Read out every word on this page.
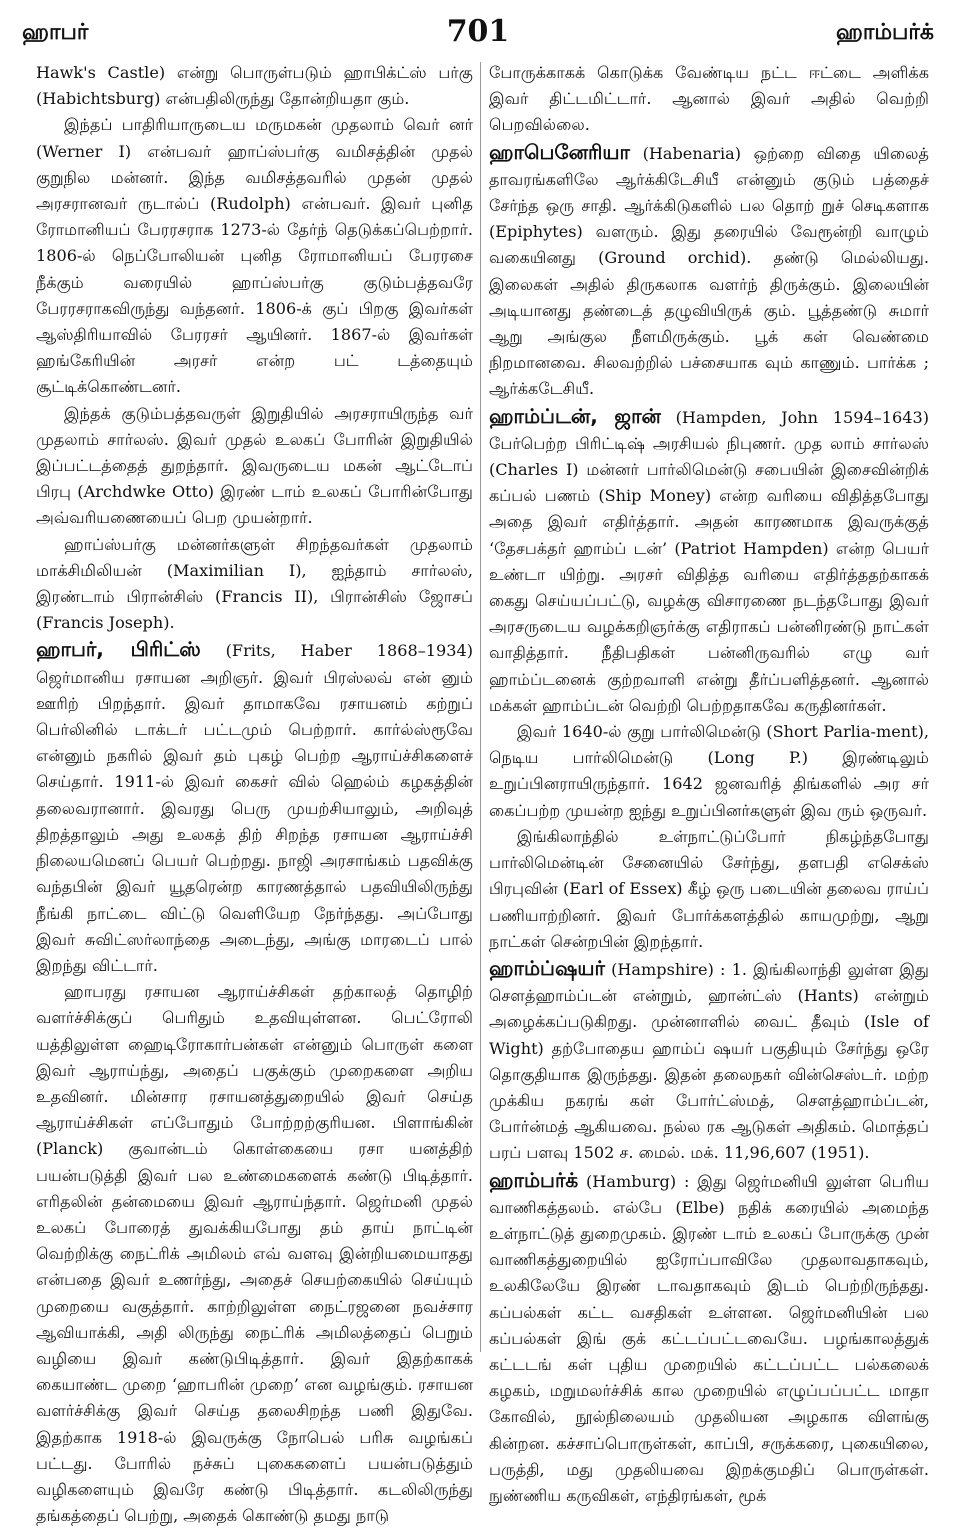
ஹாபர்	701	ஹாம்பர்க்

Hawk's Castle) என்று பொருள்படும் ஹாபிக்ட்ஸ் பர்கு (Habichtsburg) என்பதிலிருந்து தோன்றியதா கும்.

இந்தப் பாதிரியாருடைய மருமகன் முதலாம் வெர் னர் (Werner I) என்பவர் ஹாப்ஸ்பர்கு வமிசத்தின் முதல் குறுநில மன்னர். இந்த வமிசத்தவரில் முதன் முதல் அரசரானவர் ருடால்ப் (Rudolph) என்பவர். இவர் புனித ரோமானியப் பேரரசராக 1273-ல் தேர்ந் தெடுக்கப்பெற்றார். 1806-ல் நெப்போலியன் புனித ரோமானியப் பேரரசை நீக்கும் வரையில் ஹாப்ஸ்பர்கு குடும்பத்தவரே பேரரசராகவிருந்து வந்தனர். 1806-க் குப் பிறகு இவர்கள் ஆஸ்திரியாவில் பேரரசர் ஆயினர். 1867-ல் இவர்கள் ஹங்கேரியின் அரசர் என்ற பட் டத்தையும் சூட்டிக்கொண்டனர்.

இந்தக் குடும்பத்தவருள் இறுதியில் அரசராயிருந்த வர் முதலாம் சார்லஸ். இவர் முதல் உலகப் போரின் இறுதியில் இப்பட்டத்தைத் துறந்தார். இவருடைய மகன் ஆட்டோப் பிரபு (Archdwke Otto) இரண் டாம் உலகப் போரின்போது அவ்வரியணையைப் பெற முயன்றார்.

ஹாப்ஸ்பர்கு மன்னர்களுள் சிறந்தவர்கள் முதலாம் மாக்சிமிலியன் (Maximilian I), ஐந்தாம் சார்லஸ், இரண்டாம் பிரான்சிஸ் (Francis II), பிரான்சிஸ் ஜோசப் (Francis Joseph).

ஹாபர், பிரிட்ஸ் (Frits, Haber 1868–1934) ஜெர்மானிய ரசாயன அறிஞர். இவர் பிரஸ்லவ் என் னும் ஊரிற் பிறந்தார். இவர் தாமாகவே ரசாயனம் கற்றுப் பெர்லினில் டாக்டர் பட்டமும் பெற்றார். கார்ல்ஸ்ரூவே என்னும் நகரில் இவர் தம் புகழ் பெற்ற ஆராய்ச்சிகளைச் செய்தார். 1911-ல் இவர் கைசர் வில் ஹெல்ம் கழகத்தின் தலைவரானார். இவரது பெரு முயற்சியாலும், அறிவுத் திறத்தாலும் அது உலகத் திற் சிறந்த ரசாயன ஆராய்ச்சி நிலையமெனப் பெயர் பெற்றது. நாஜி அரசாங்கம் பதவிக்கு வந்தபின் இவர் யூதரென்ற காரணத்தால் பதவியிலிருந்து நீங்கி நாட்டை விட்டு வெளியேற நேர்ந்தது. அப்போது இவர் சுவிட்ஸர்லாந்தை அடைந்து, அங்கு மாரடைப் பால் இறந்து விட்டார்.

ஹாபரது ரசாயன ஆராய்ச்சிகள் தற்காலத் தொழிற் வளர்ச்சிக்குப் பெரிதும் உதவியுள்ளன. பெட்ரோலி யத்திலுள்ள ஹைடிரோகார்பன்கள் என்னும் பொருள் களை இவர் ஆராய்ந்து, அதைப் பகுக்கும் முறைகளை அறிய உதவினர். மின்சார ரசாயனத்துறையில் இவர் செய்த ஆராய்ச்சிகள் எப்போதும் போற்றற்குரியன. பிளாங்கின் (Planck) குவான்டம் கொள்கையை ரசா யனத்திற் பயன்படுத்தி இவர் பல உண்மைகளைக் கண்டு பிடித்தார். எரிதலின் தன்மையை இவர் ஆராய்ந்தார். ஜெர்மனி முதல் உலகப் போரைத் துவக்கியபோது தம் தாய் நாட்டின் வெற்றிக்கு நைட்ரிக் அமிலம் எவ் வளவு இன்றியமையாதது என்பதை இவர் உணர்ந்து, அதைச் செயற்கையில் செய்யும் முறையை வகுத்தார். காற்றிலுள்ள நைட்ரஜனை நவச்சார ஆவியாக்கி, அதி லிருந்து நைட்ரிக் அமிலத்தைப் பெறும் வழியை இவர் கண்டுபிடித்தார். இவர் இதற்காகக் கையாண்ட முறை ‘ஹாபரின் முறை’ என வழங்கும். ரசாயன வளர்ச்சிக்கு இவர் செய்த தலைசிறந்த பணி இதுவே. இதற்காக 1918-ல் இவருக்கு நோபெல் பரிசு வழங்கப் பட்டது. போரில் நச்சுப் புகைகளைப் பயன்படுத்தும் வழிகளையும் இவரே கண்டு பிடித்தார். கடலிலிருந்து தங்கத்தைப் பெற்று, அதைக் கொண்டு தமது நாடு

போருக்காகக் கொடுக்க வேண்டிய நட்ட ஈட்டை அளிக்க இவர் திட்டமிட்டார். ஆனால் இவர் அதில் வெற்றி பெறவில்லை.

ஹாபெனேரியா (Habenaria) ஒற்றை விதை யிலைத் தாவரங்களிலே ஆர்க்கிடேசியீ என்னும் குடும் பத்தைச் சேர்ந்த ஒரு சாதி. ஆர்க்கிடுகளில் பல தொற் றுச் செடிகளாக (Epiphytes) வளரும். இது தரையில் வேரூன்றி வாழும் வகையினது (Ground orchid). தண்டு மெல்லியது. இலைகள் அதில் திருகலாக வளர்ந் திருக்கும். இலையின் அடியானது தண்டைத் தழுவியிருக் கும். பூத்தண்டு சுமார் ஆறு அங்குல நீளமிருக்கும். பூக் கள் வெண்மை நிறமானவை. சிலவற்றில் பச்சையாக வும் காணும். பார்க்க ; ஆர்க்கடேசியீ.

ஹாம்ப்டன், ஜான் (Hampden, John 1594–1643) பேர்பெற்ற பிரிட்டிஷ் அரசியல் நிபுணர். முத லாம் சார்லஸ் (Charles I) மன்னர் பார்லிமென்டு சபையின் இசைவின்றிக் கப்பல் பணம் (Ship Money) என்ற வரியை விதித்தபோது அதை இவர் எதிர்த்தார். அதன் காரணமாக இவருக்குத் ‘தேசபக்தர் ஹாம்ப் டன்’ (Patriot Hampden) என்ற பெயர் உண்டா யிற்று. அரசர் விதித்த வரியை எதிர்த்ததற்காகக் கைது செய்யப்பட்டு, வழக்கு விசாரணை நடந்தபோது இவர் அரசருடைய வழக்கறிஞர்க்கு எதிராகப் பன்னிரண்டு நாட்கள் வாதித்தார். நீதிபதிகள் பன்னிருவரில் எழு வர் ஹாம்ப்டனைக் குற்றவாளி என்று தீர்ப்பளித்தனர். ஆனால் மக்கள் ஹாம்ப்டன் வெற்றி பெற்றதாகவே கருதினர்கள்.

இவர் 1640-ல் குறு பார்லிமென்டு (Short Parlia-ment), நெடிய பார்லிமென்டு (Long P.) இரண்டிலும் உறுப்பினராயிருந்தார். 1642 ஜனவரித் திங்களில் அர சர் கைப்பற்ற முயன்ற ஐந்து உறுப்பினர்களுள் இவ ரும் ஒருவர்.

இங்கிலாந்தில் உள்நாட்டுப்போர் நிகழ்ந்தபோது பார்லிமென்டின் சேனையில் சேர்ந்து, தளபதி எசெக்ஸ் பிரபுவின் (Earl of Essex) கீழ் ஒரு படையின் தலைவ ராய்ப் பணியாற்றினர். இவர் போர்க்களத்தில் காயமுற்று, ஆறு நாட்கள் சென்றபின் இறந்தார்.

ஹாம்ப்ஷயர் (Hampshire) : 1. இங்கிலாந்தி லுள்ள இது சௌத்ஹாம்ப்டன் என்றும், ஹான்ட்ஸ் (Hants) என்றும் அழைக்கப்படுகிறது. முன்னாளில் வைட் தீவும் (Isle of Wight) தற்போதைய ஹாம்ப் ஷயர் பகுதியும் சேர்ந்து ஒரே தொகுதியாக இருந்தது. இதன் தலைநகர் வின்செஸ்டர். மற்ற முக்கிய நகரங் கள் போர்ட்ஸ்மத், சௌத்ஹாம்ப்டன், போர்ன்மத் ஆகியவை. நல்ல ரக ஆடுகள் அதிகம். மொத்தப் பரப் பளவு 1502 ச. மைல். மக். 11,96,607 (1951).

ஹாம்பர்க் (Hamburg) : இது ஜெர்மனியி லுள்ள பெரிய வாணிகத்தலம். எல்பே (Elbe) நதிக் கரையில் அமைந்த உள்நாட்டுத் துறைமுகம். இரண் டாம் உலகப் போருக்கு முன் வாணிகத்துறையில் ஐரோப்பாவிலே முதலாவதாகவும், உலகிலேயே இரண் டாவதாகவும் இடம் பெற்றிருந்தது. கப்பல்கள் கட்ட வசதிகள் உள்ளன. ஜெர்மனியின் பல கப்பல்கள் இங் குக் கட்டப்பட்டவையே. பழங்காலத்துக் கட்டடங் கள் புதிய முறையில் கட்டப்பட்ட பல்கலைக் கழகம், மறுமலர்ச்சிக் கால முறையில் எழுப்பப்பட்ட மாதா கோவில், நூல்நிலையம் முதலியன அழகாக விளங்கு கின்றன. கச்சாப்பொருள்கள், காப்பி, சருக்கரை, புகையிலை, பருத்தி, மது முதலியவை இறக்குமதிப் பொருள்கள். நுண்ணிய கருவிகள், எந்திரங்கள், மூக்
